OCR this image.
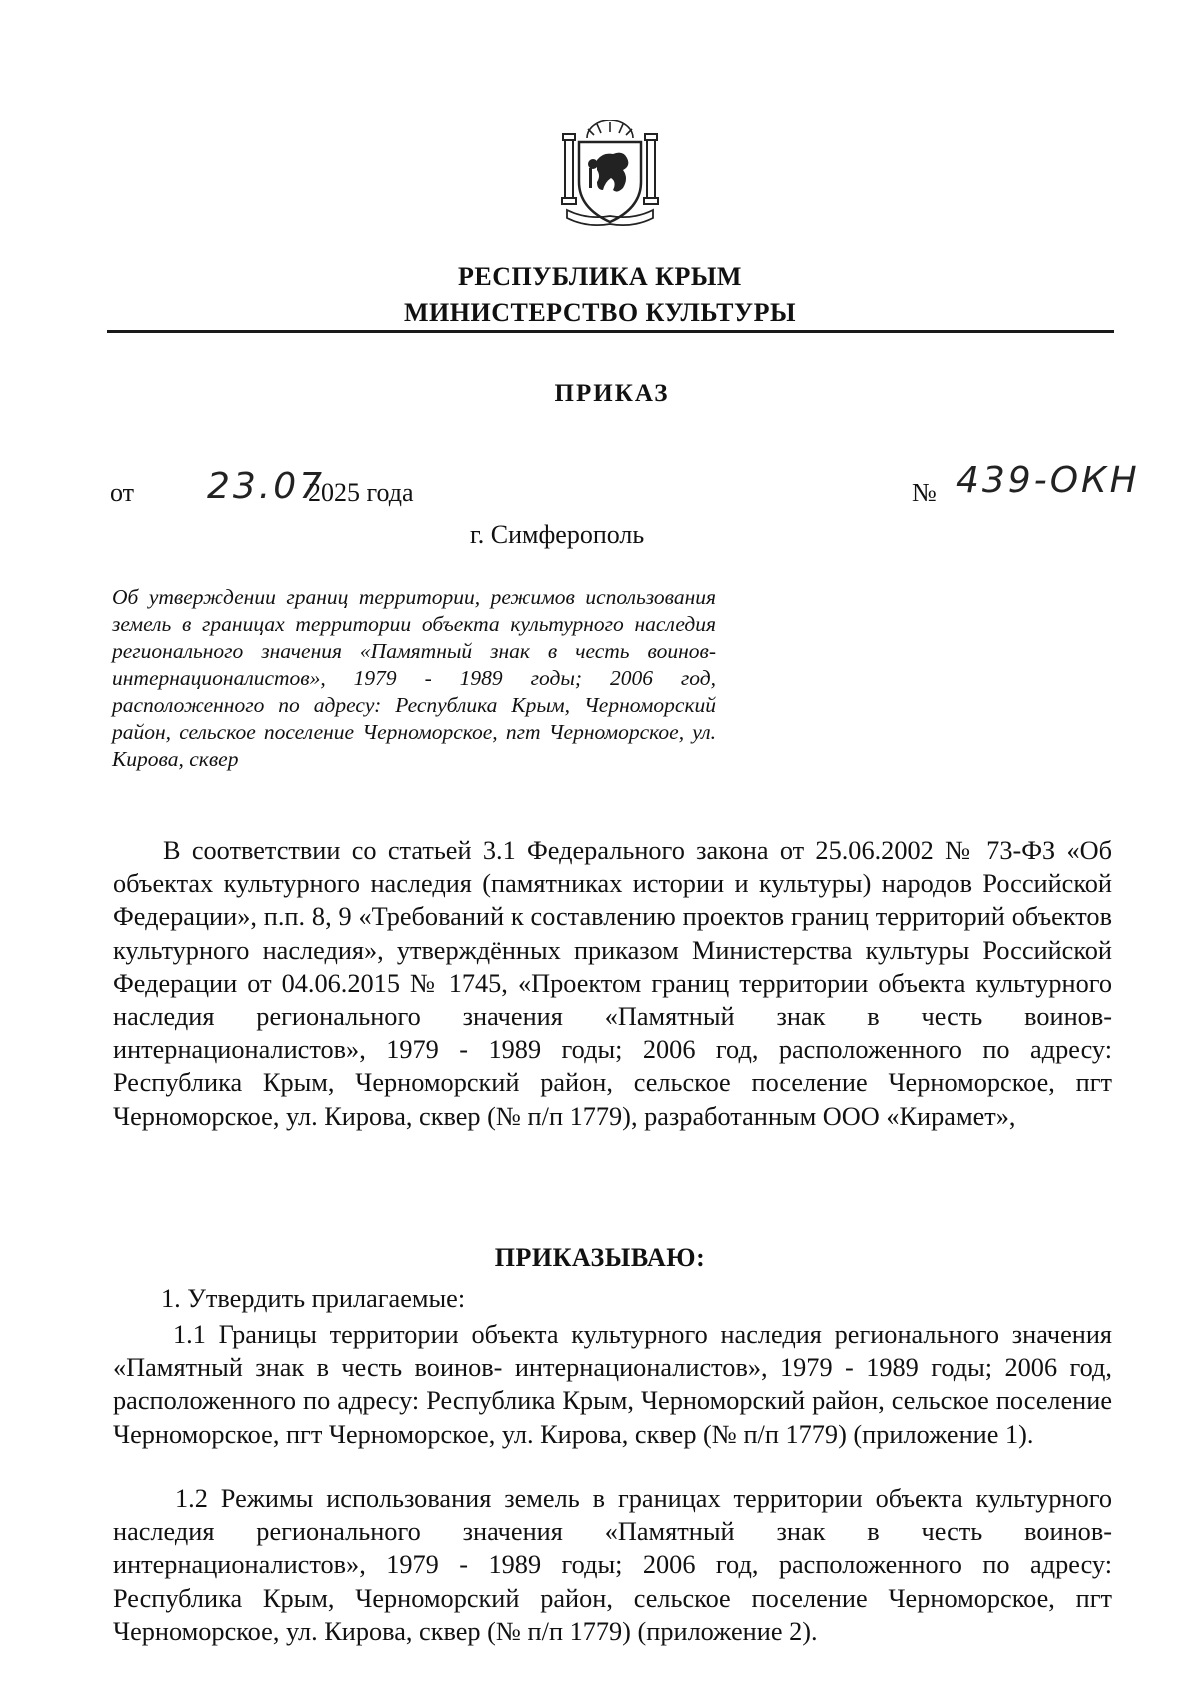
РЕСПУБЛИКА КРЫМ
МИНИСТЕРСТВО КУЛЬТУРЫ
ПРИКАЗ
от 23.07
2025 года	№ 439-ОКН
г. Симферополь
Об утверждении границ территории, режимов использования земель в границах территории объекта культурного наследия регионального значения «Памятный знак в честь воинов- интернационалистов», 1979 - 1989 годы; 2006 год, расположенного по адресу: Республика Крым, Черноморский район, сельское поселение Черноморское, пгт Черноморское, ул. Кирова, сквер
В соответствии со статьей 3.1 Федерального закона от 25.06.2002 № 73-ФЗ «Об объектах культурного наследия (памятниках истории и культуры) народов Российской Федерации», п.п. 8, 9 «Требований к составлению проектов границ территорий объектов культурного наследия», утверждённых приказом Министерства культуры Российской Федерации от 04.06.2015 № 1745, «Проектом границ территории объекта культурного наследия регионального значения «Памятный знак в честь воинов- интернационалистов», 1979 - 1989 годы; 2006 год, расположенного по адресу: Республика Крым, Черноморский район, сельское поселение Черноморское, пгт Черноморское, ул. Кирова, сквер (№ п/п 1779), разработанным ООО «Кирамет»,
ПРИКАЗЫВАЮ:
1. Утвердить прилагаемые:
1.1 Границы территории объекта культурного наследия регионального значения «Памятный знак в честь воинов- интернационалистов», 1979 - 1989 годы; 2006 год, расположенного по адресу: Республика Крым, Черноморский район, сельское поселение Черноморское, пгт Черноморское, ул. Кирова, сквер (№ п/п 1779) (приложение 1).
1.2 Режимы использования земель в границах территории объекта культурного наследия регионального значения «Памятный знак в честь воинов- интернационалистов», 1979 - 1989 годы; 2006 год, расположенного по адресу: Республика Крым, Черноморский район, сельское поселение Черноморское, пгт Черноморское, ул. Кирова, сквер (№ п/п 1779) (приложение 2).
